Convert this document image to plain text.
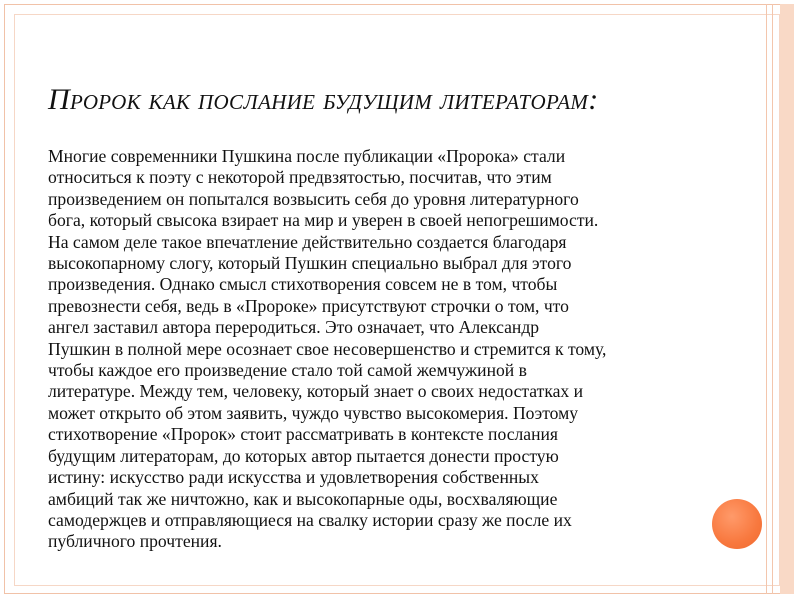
Пророк как послание будущим литераторам:
Многие современники Пушкина после публикации «Пророка» стали
относиться к поэту с некоторой предвзятостью, посчитав, что этим
произведением он попытался возвысить себя до уровня литературного
бога, который свысока взирает на мир и уверен в своей непогрешимости.
На самом деле такое впечатление действительно создается благодаря
высокопарному слогу, который Пушкин специально выбрал для этого
произведения. Однако смысл стихотворения совсем не в том, чтобы
превознести себя, ведь в «Пророке» присутствуют строчки о том, что
ангел заставил автора переродиться. Это означает, что Александр
Пушкин в полной мере осознает свое несовершенство и стремится к тому,
чтобы каждое его произведение стало той самой жемчужиной в
литературе. Между тем, человеку, который знает о своих недостатках и
может открыто об этом заявить, чуждо чувство высокомерия. Поэтому
стихотворение «Пророк» стоит рассматривать в контексте послания
будущим литераторам, до которых автор пытается донести простую
истину: искусство ради искусства и удовлетворения собственных
амбиций так же ничтожно, как и высокопарные оды, восхваляющие
самодержцев и отправляющиеся на свалку истории сразу же после их
публичного прочтения.
